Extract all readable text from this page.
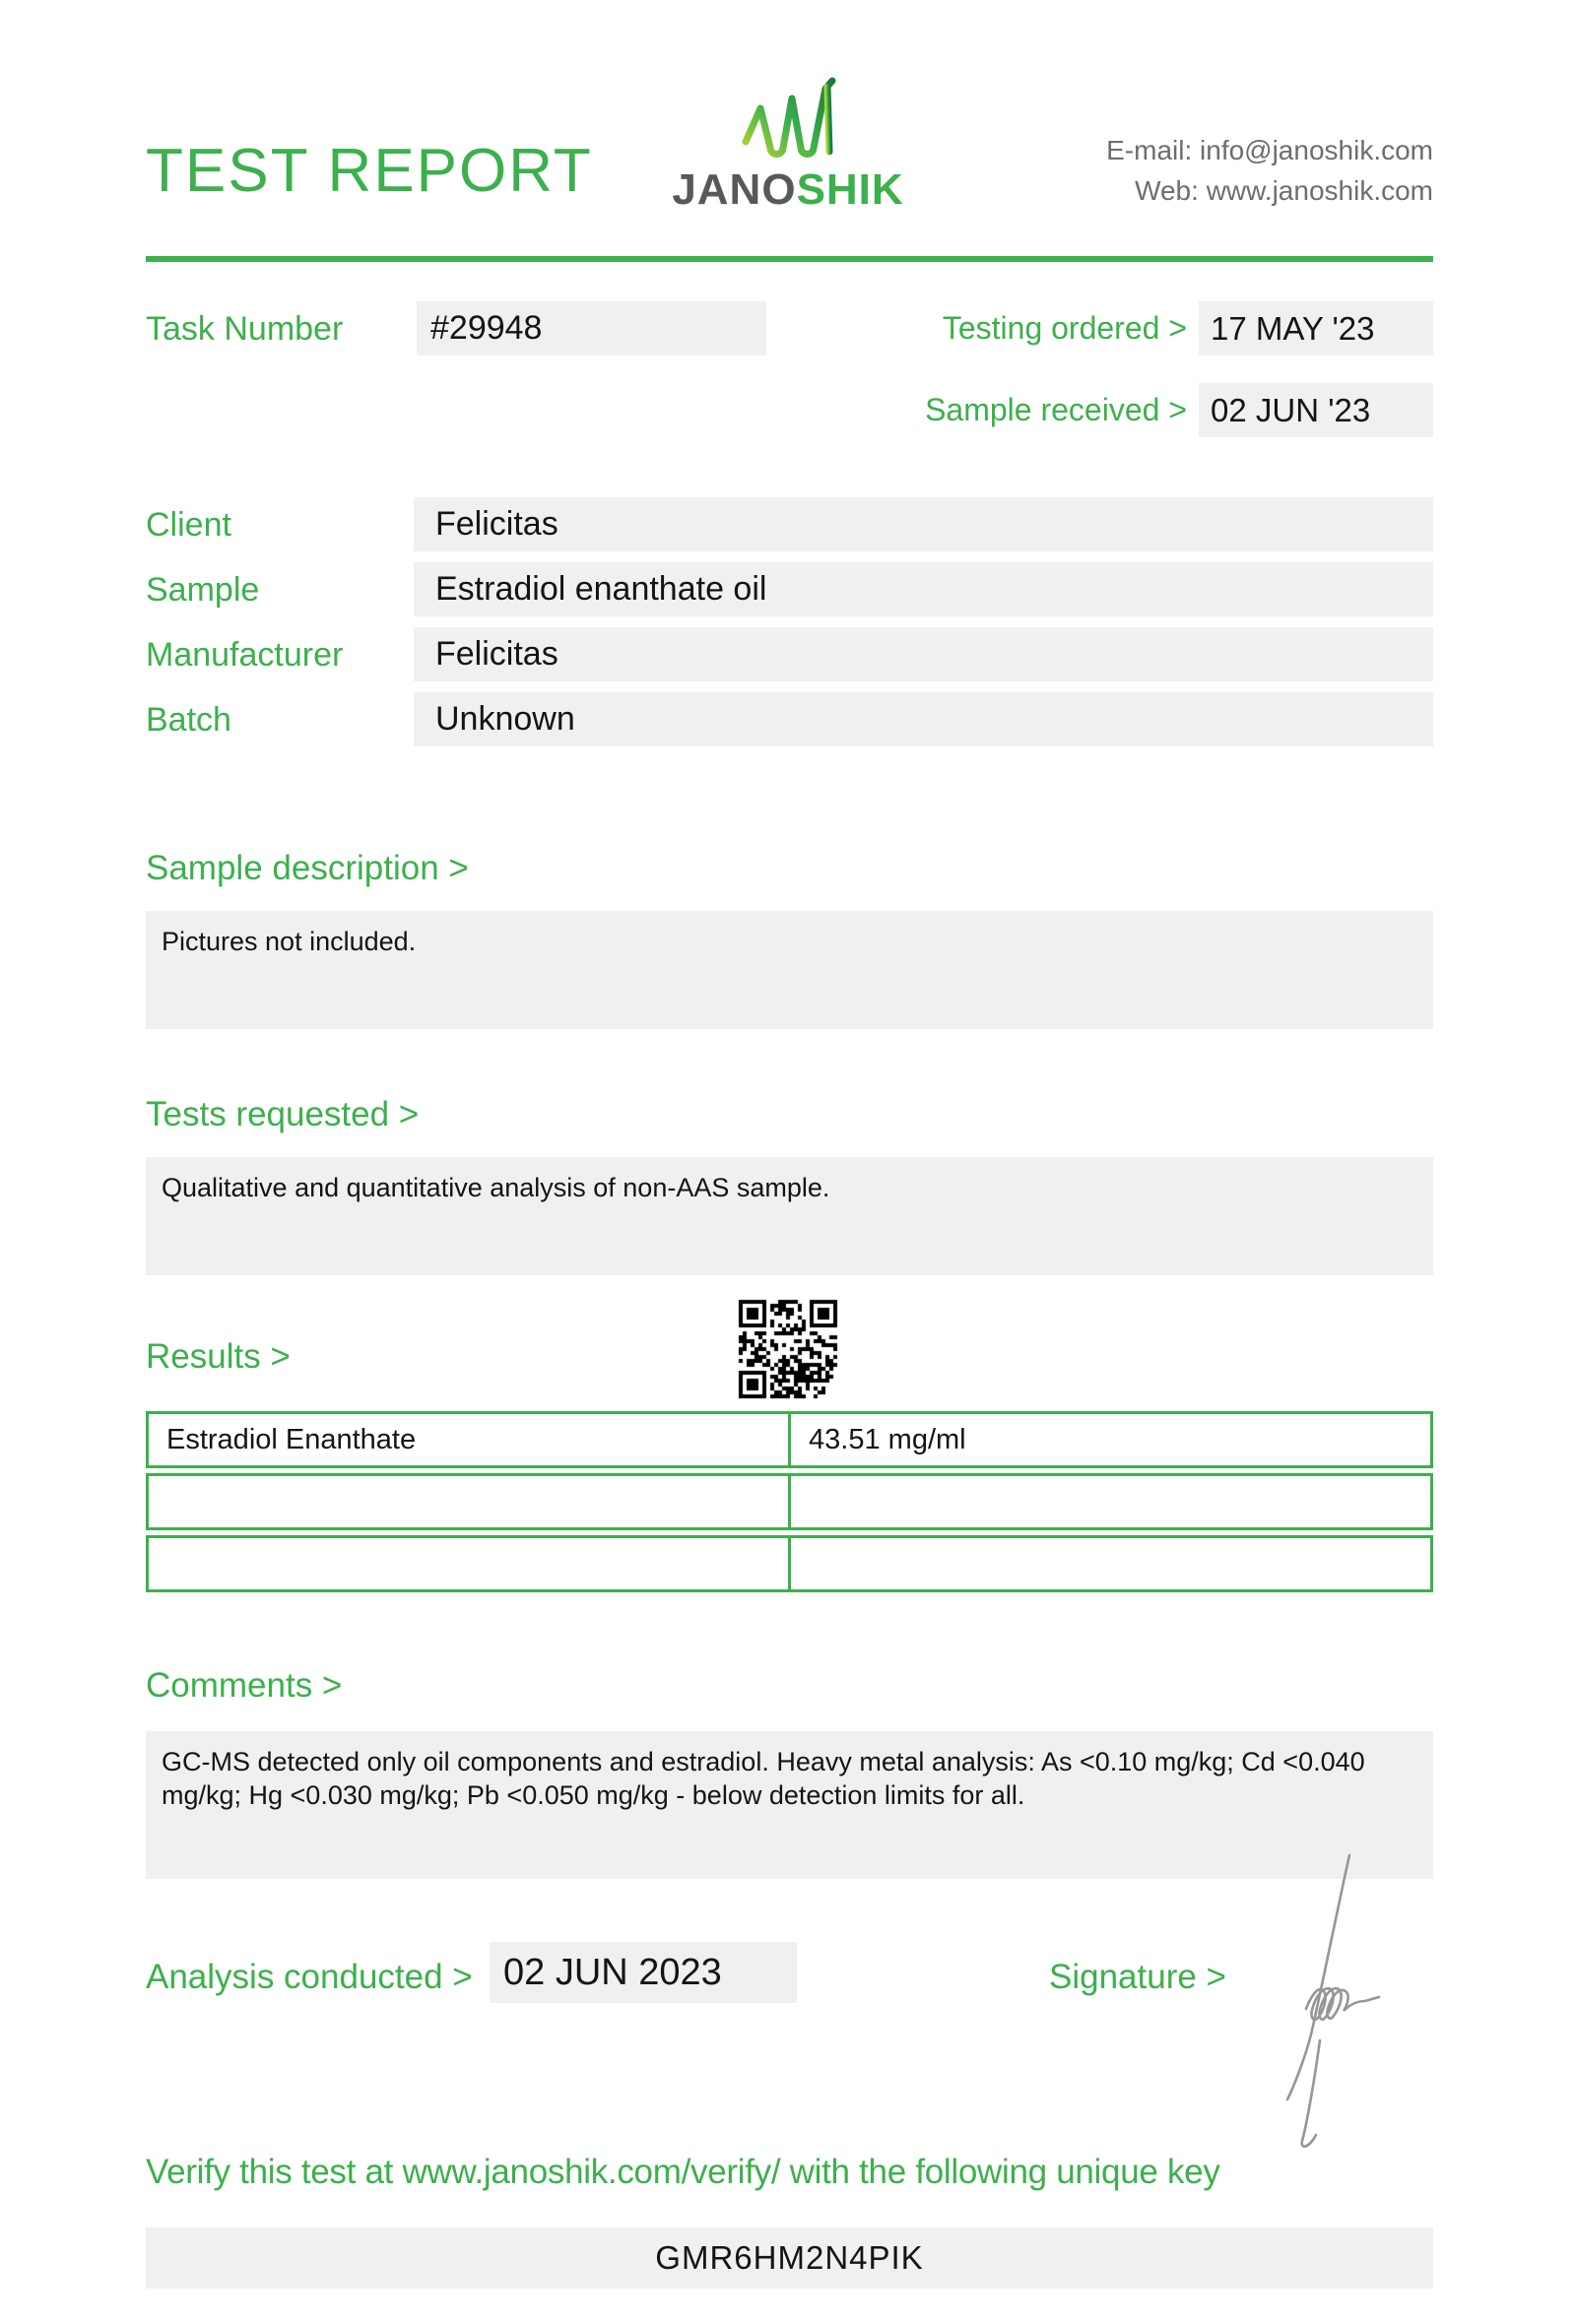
TEST REPORT	JANOSHIK
E-mail: info@janoshik.com
Web: www.janoshik.com
Task Number	#29948	Testing ordered > 17 MAY '23
Sample received > 02 JUN '23
Client	Felicitas
Sample	Estradiol enanthate oil
Manufacturer	Felicitas
Batch	Unknown
Sample description >
Pictures not included.
Tests requested >
Qualitative and quantitative analysis of non-AAS sample.
Results >
Estradiol Enanthate	43.51 mg/ml

Comments >
GC-MS detected only oil components and estradiol. Heavy metal analysis: As <0.10 mg/kg; Cd <0.040 mg/kg; Hg <0.030 mg/kg; Pb <0.050 mg/kg - below detection limits for all.
Analysis conducted > 02 JUN 2023	Signature >
Verify this test at www.janoshik.com/verify/ with the following unique key
GMR6HM2N4PIK
